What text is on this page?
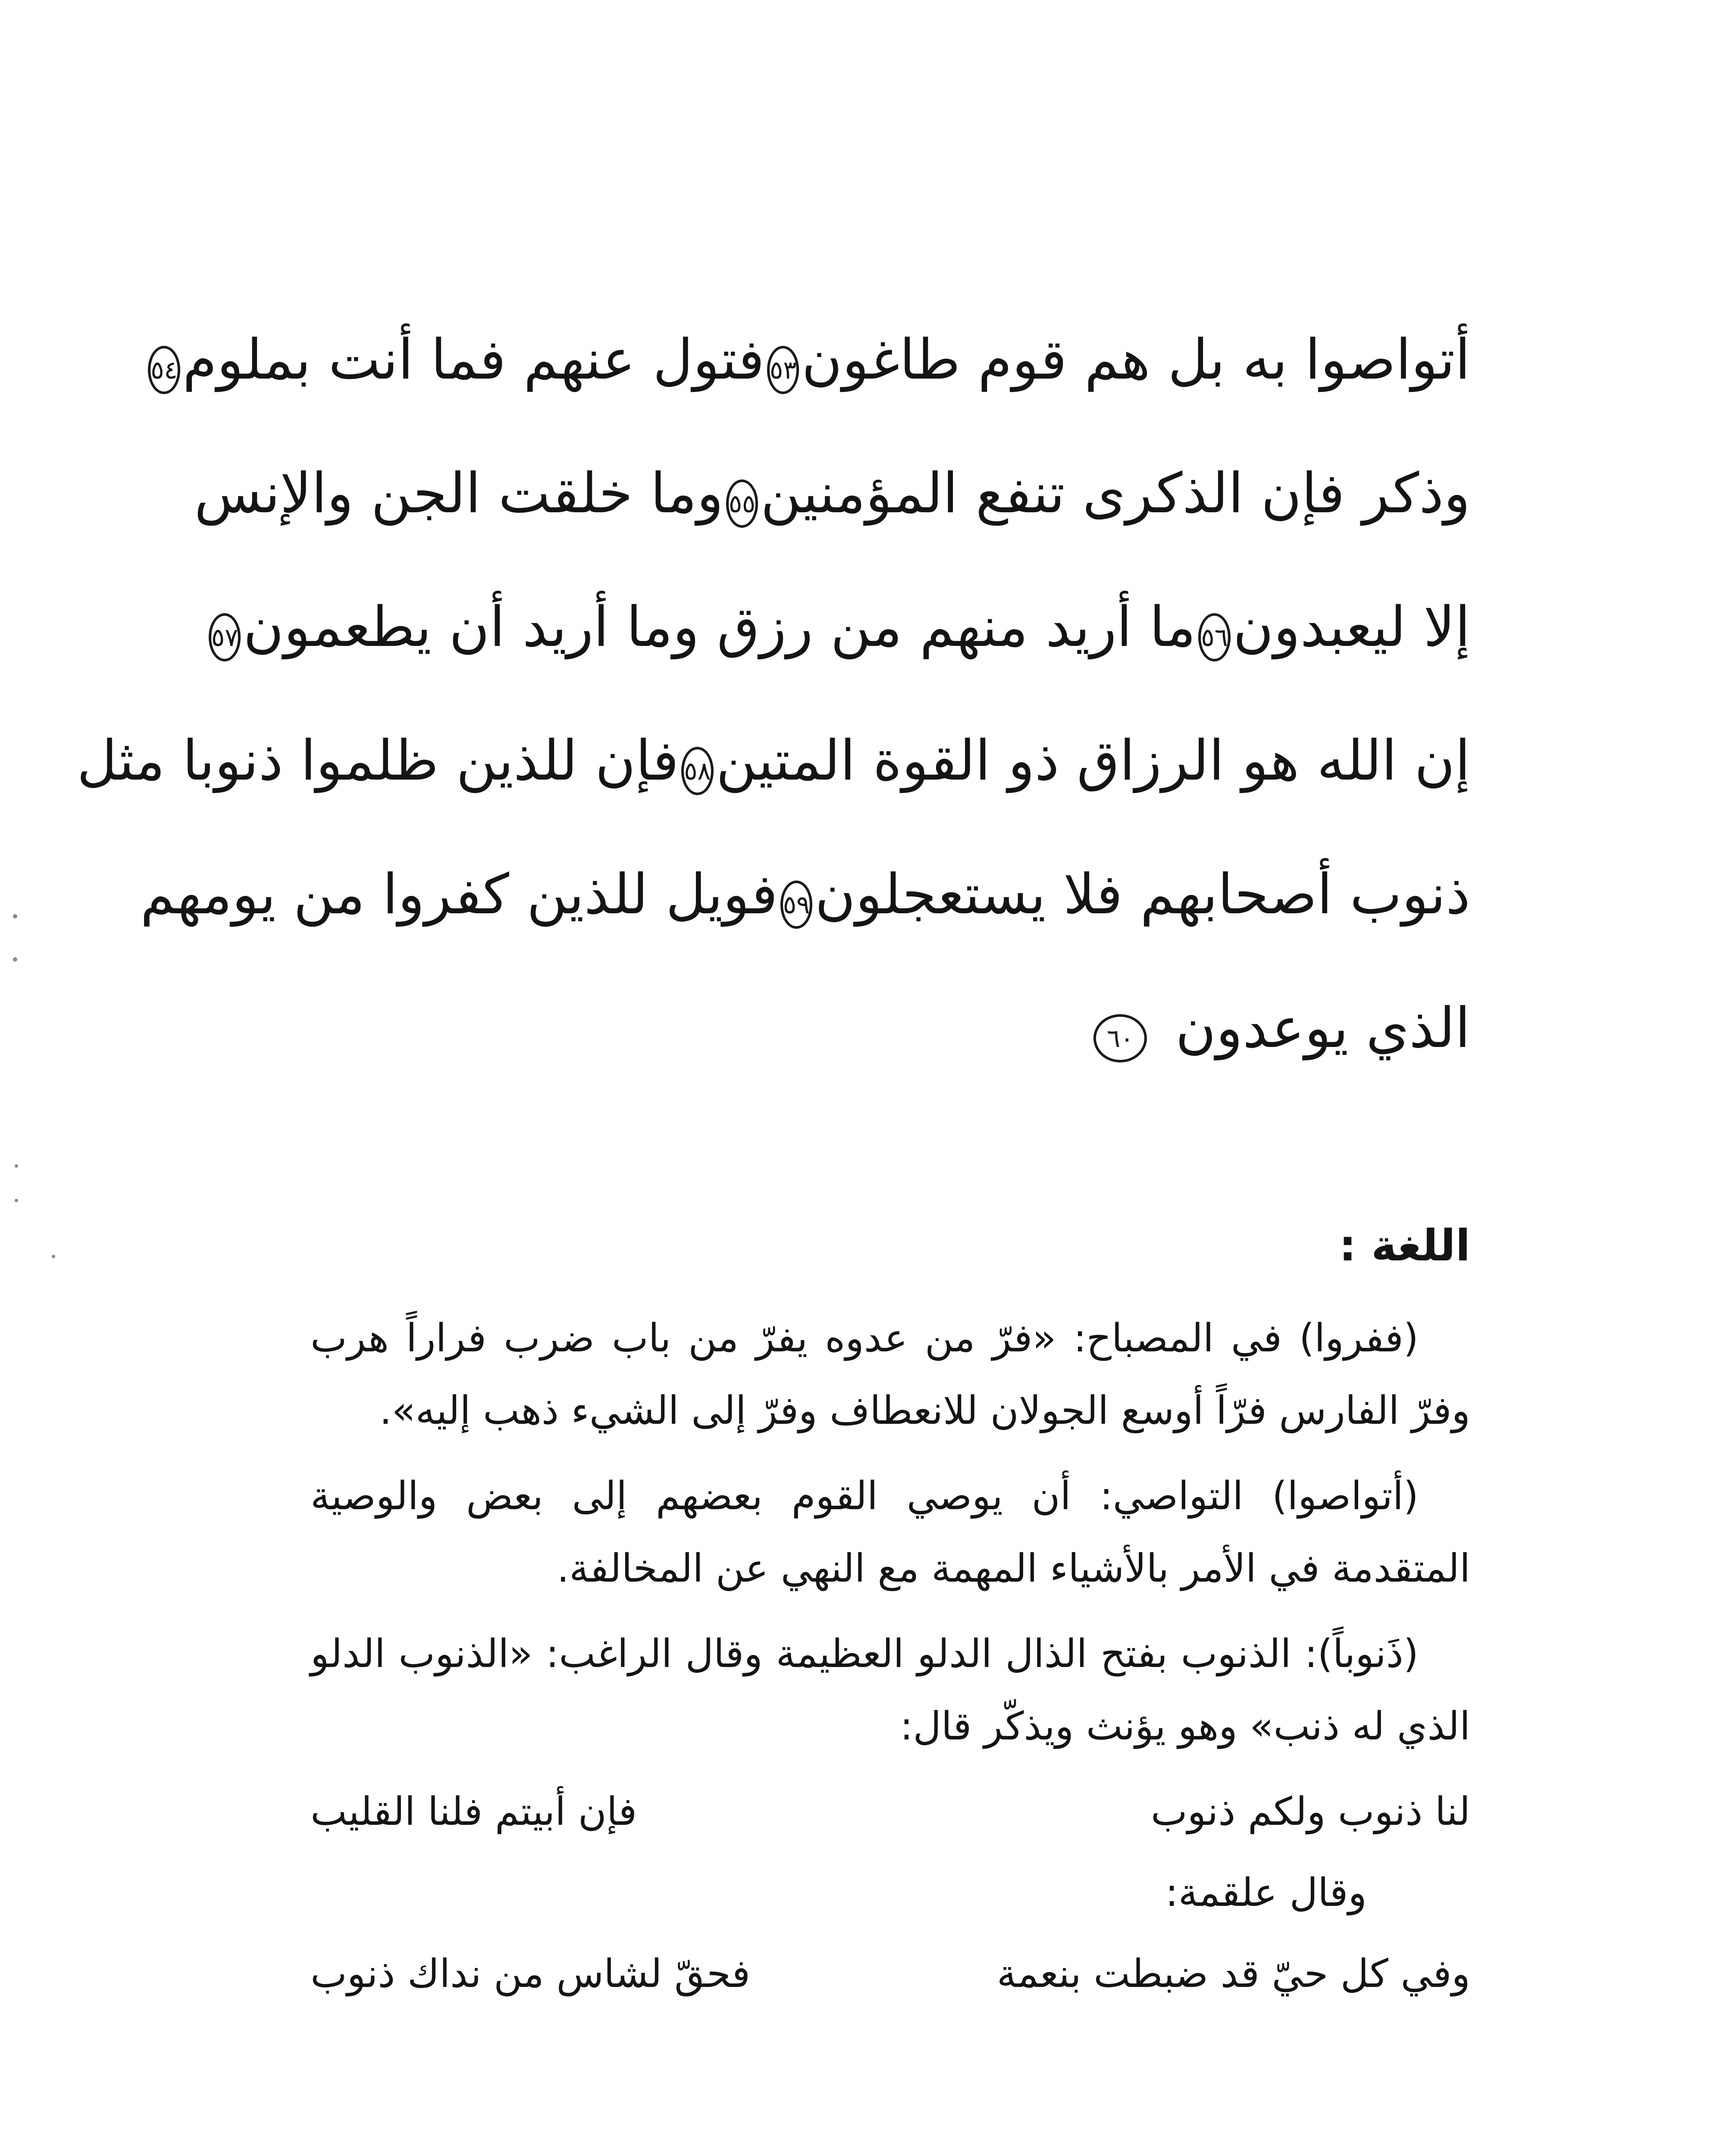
أتواصوا به بل هم قوم طاغون
٥٣
فتول عنهم فما أنت بملوم
٥٤
وذكر فإن الذكرى تنفع المؤمنين
٥٥
وما خلقت الجن والإنس
إلا ليعبدون
٥٦
ما أريد منهم من رزق وما أريد أن يطعمون
٥٧
إن الله هو الرزاق ذو القوة المتين
٥٨
فإن للذين ظلموا ذنوبا مثل
ذنوب أصحابهم فلا يستعجلون
٥٩
فويل للذين كفروا من يومهم
الذي يوعدون
٦٠
اللغة :

(ففروا) في المصباح: «فرّ من عدوه يفرّ من باب ضرب فراراً هرب وفرّ الفارس فرّاً أوسع الجولان للانعطاف وفرّ إلى الشيء ذهب إليه».

(أتواصوا) التواصي: أن يوصي القوم بعضهم إلى بعض والوصية المتقدمة في الأمر بالأشياء المهمة مع النهي عن المخالفة.

(ذَنوباً): الذنوب بفتح الذال الدلو العظيمة وقال الراغب: «الذنوب الدلو الذي له ذنب» وهو يؤنث ويذكّر قال:

لنا ذنوب ولكم ذنوب
فإن أبيتم فلنا القليب
وقال علقمة:
وفي كل حيّ قد ضبطت بنعمة
فحقّ لشاس من نداك ذنوب
